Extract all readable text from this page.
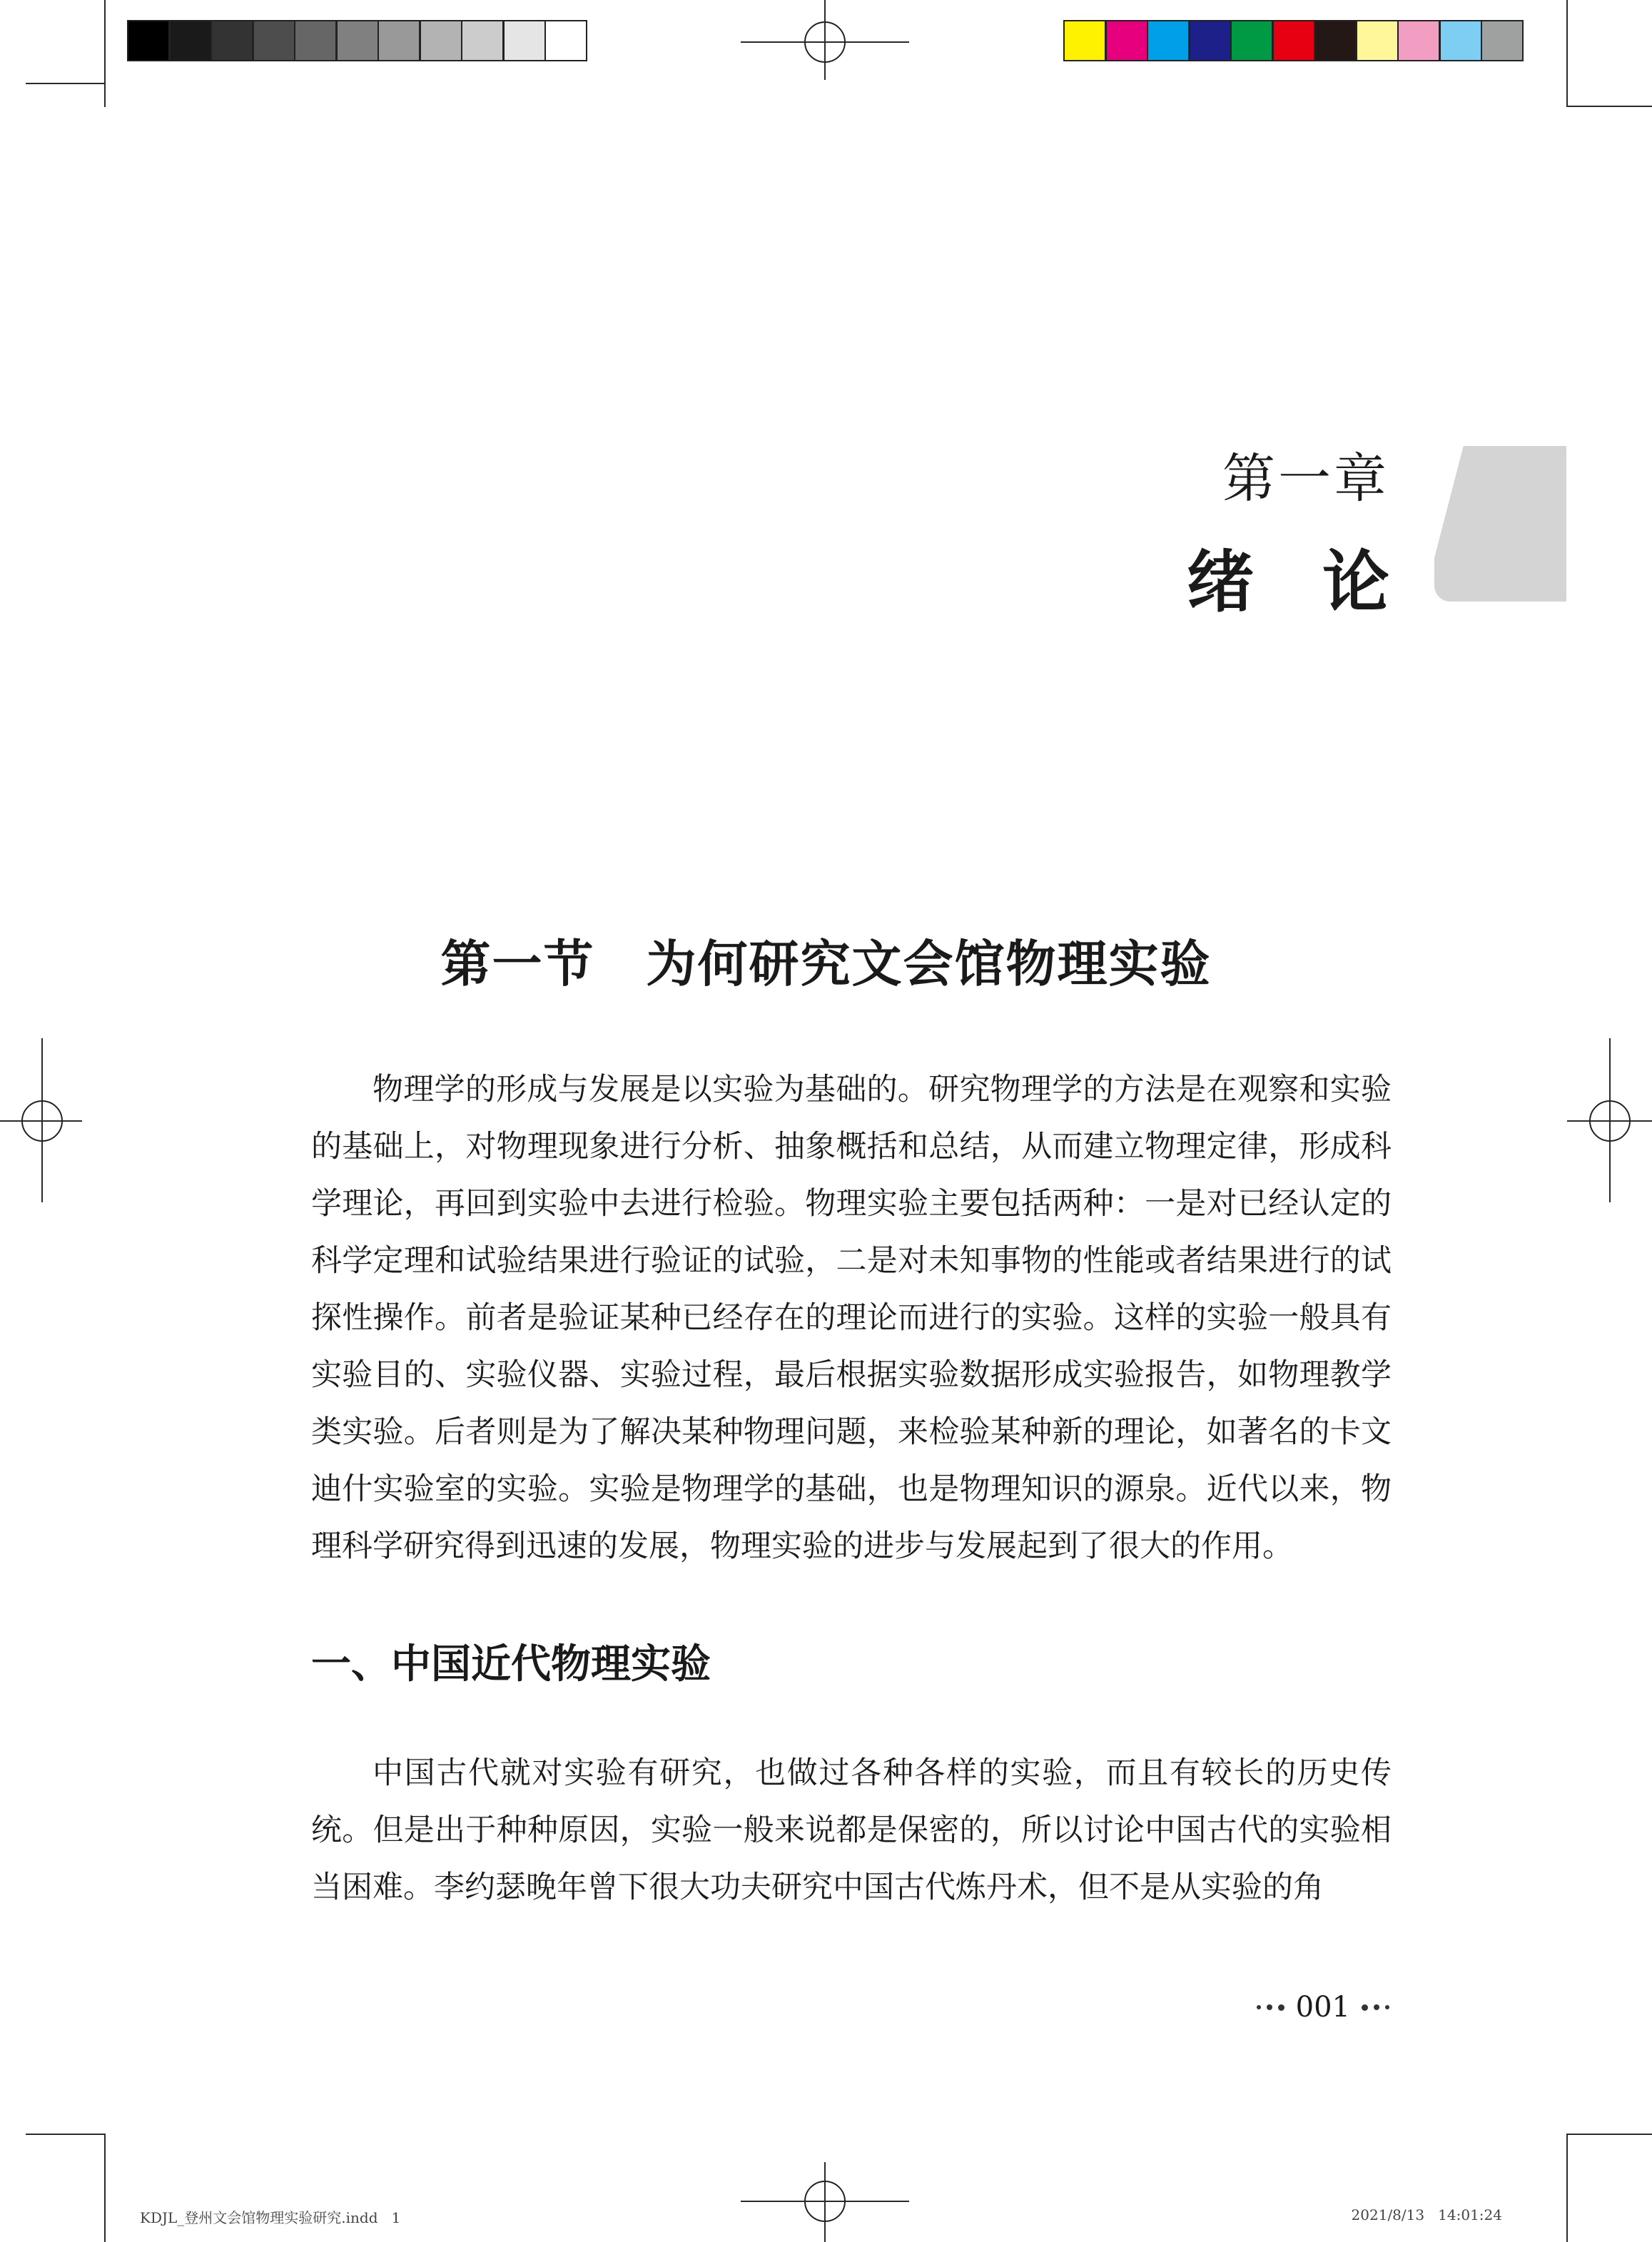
第一章
绪论
第一节　为何研究文会馆物理实验

物理学的形成与发展是以实验为基础的。研究物理学的方法是在观察和实验的基础上，对物理现象进行分析、抽象概括和总结，从而建立物理定律，形成科学理论，再回到实验中去进行检验。物理实验主要包括两种：一是对已经认定的科学定理和试验结果进行验证的试验，二是对未知事物的性能或者结果进行的试探性操作。前者是验证某种已经存在的理论而进行的实验。这样的实验一般具有实验目的、实验仪器、实验过程，最后根据实验数据形成实验报告，如物理教学类实验。后者则是为了解决某种物理问题，来检验某种新的理论，如著名的卡文迪什实验室的实验。实验是物理学的基础，也是物理知识的源泉。近代以来，物理科学研究得到迅速的发展，物理实验的进步与发展起到了很大的作用。

一、中国近代物理实验

中国古代就对实验有研究，也做过各种各样的实验，而且有较长的历史传统。但是出于种种原因，实验一般来说都是保密的，所以讨论中国古代的实验相当困难。李约瑟晚年曾下很大功夫研究中国古代炼丹术，但不是从实验的角

001
KDJL_登州文会馆物理实验研究.indd   1	2021/8/13   14:01:24
